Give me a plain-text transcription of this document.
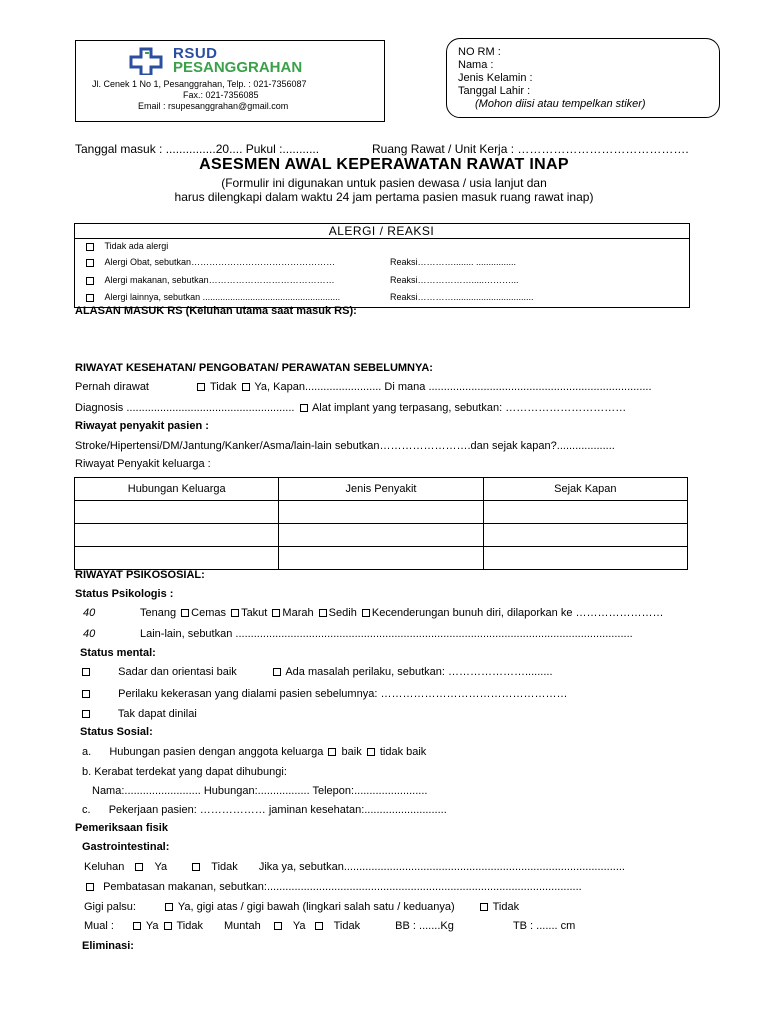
RSUD
PESANGGRAHAN
Jl. Cenek 1 No 1, Pesanggrahan, Telp. : 021-7356087
Fax.: 021-7356085
Email : rsupesanggrahan@gmail.com
NO RM :
Nama :
Jenis Kelamin :
Tanggal Lahir :
(Mohon diisi atau tempelkan stiker)
Tanggal masuk : ...............20.... Pukul :...........	Ruang Rawat / Unit Kerja : …………………………………….
ASESMEN AWAL KEPERAWATAN RAWAT INAP
(Formulir ini digunakan untuk pasien dewasa / usia lanjut dan
harus dilengkapi dalam waktu 24 jam pertama pasien masuk ruang rawat inap)
ALERGI / REAKSI
Tidak ada alergi
Alergi Obat, sebutkan…………………………………………	Reaksi…………........ ................
Alergi makanan, sebutkan……………………………………	Reaksi……………….....………...
Alergi lainnya, sebutkan .......................................................	Reaksi…………................................
ALASAN MASUK RS (Keluhan utama saat masuk RS):
RIWAYAT KESEHATAN/ PENGOBATAN/ PERAWATAN SEBELUMNYA:
Pernah dirawat	Tidak Ya, Kapan......................... Di mana .........................................................................
Diagnosis ....................................................... Alat implant yang terpasang, sebutkan: ……………………………
Riwayat penyakit pasien :
Stroke/Hipertensi/DM/Jantung/Kanker/Asma/lain-lain sebutkan…………………….dan sejak kapan?...................
Riwayat Penyakit keluarga :
Hubungan Keluarga	Jenis Penyakit	Sejak Kapan

RIWAYAT PSIKOSOSIAL:
Status Psikologis :
40	Tenang Cemas Takut Marah Sedih Kecenderungan bunuh diri, dilaporkan ke ……………………
40	Lain-lain, sebutkan ..................................................................................................................................
Status mental:
Sadar dan orientasi baik	Ada masalah perilaku, sebutkan: ………………….........
Perilaku kekerasan yang dialami pasien sebelumnya: ……………………………………………
Tak dapat dinilai
Status Sosial:
a. Hubungan pasien dengan anggota keluarga baik tidak baik
b. Kerabat terdekat yang dapat dihubungi:
Nama:......................... Hubungan:................. Telepon:........................
c. Pekerjaan pasien: ……………… jaminan kesehatan:...........................
Pemeriksaan fisik
Gastrointestinal:
Keluhan	Ya	Tidak Jika ya, sebutkan............................................................................................
Pembatasan makanan, sebutkan:.......................................................................................................
Gigi palsu:	Ya, gigi atas / gigi bawah (lingkari salah satu / keduanya)	Tidak
Mual :	Ya Tidak Muntah	Ya	Tidak	BB : .......Kg	TB : ....... cm
Eliminasi:
